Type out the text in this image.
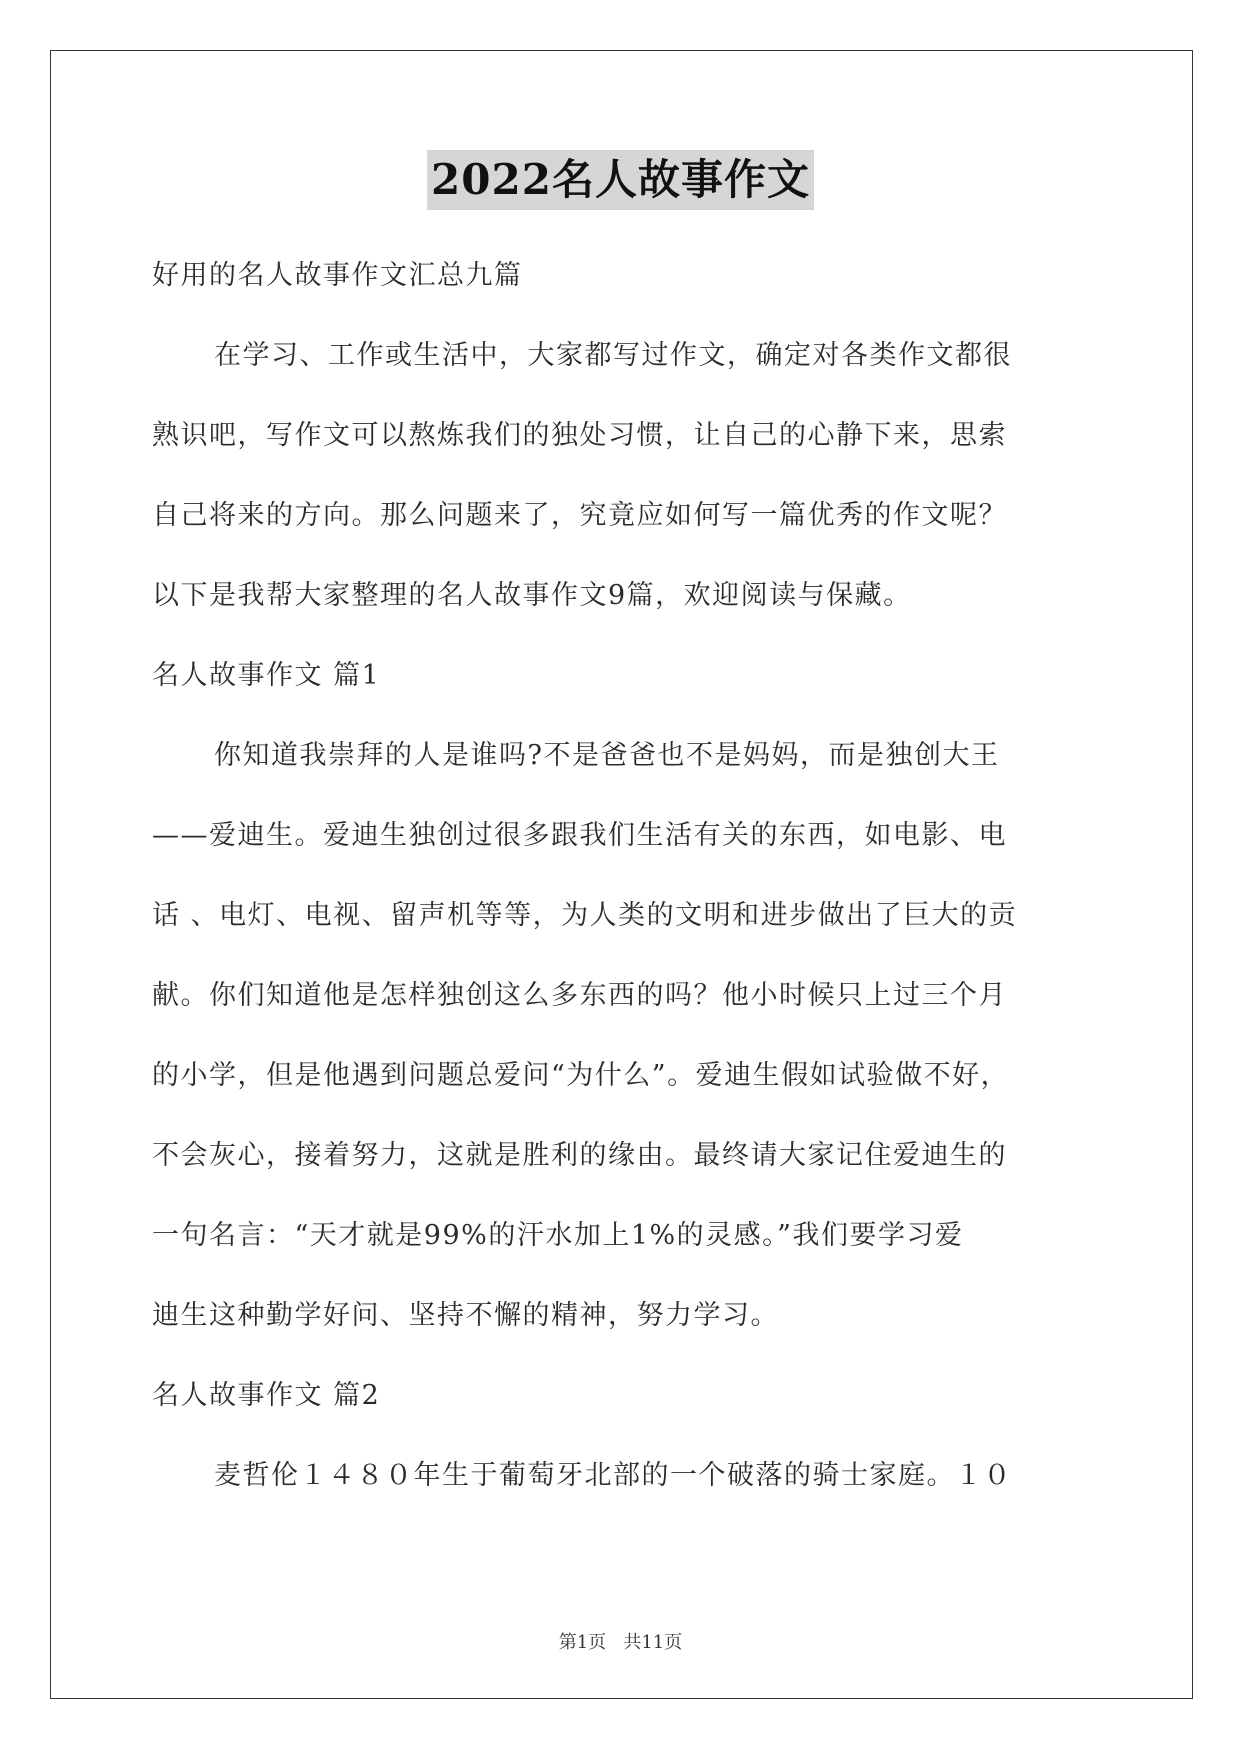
2022名人故事作文
好用的名人故事作文汇总九篇
在学习、工作或生活中，大家都写过作文，确定对各类作文都很
熟识吧，写作文可以熬炼我们的独处习惯，让自己的心静下来，思索
自己将来的方向。那么问题来了，究竟应如何写一篇优秀的作文呢？
以下是我帮大家整理的名人故事作文9篇，欢迎阅读与保藏。
名人故事作文 篇1
你知道我崇拜的人是谁吗?不是爸爸也不是妈妈，而是独创大王
——爱迪生。爱迪生独创过很多跟我们生活有关的东西，如电影、电
话 、电灯、电视、留声机等等，为人类的文明和进步做出了巨大的贡
献。你们知道他是怎样独创这么多东西的吗？他小时候只上过三个月
的小学，但是他遇到问题总爱问“为什么”。爱迪生假如试验做不好，
不会灰心，接着努力，这就是胜利的缘由。最终请大家记住爱迪生的
一句名言：“天才就是99%的汗水加上1%的灵感。”我们要学习爱
迪生这种勤学好问、坚持不懈的精神，努力学习。
名人故事作文 篇2
麦哲伦１４８０年生于葡萄牙北部的一个破落的骑士家庭。１０
第1页   共11页
